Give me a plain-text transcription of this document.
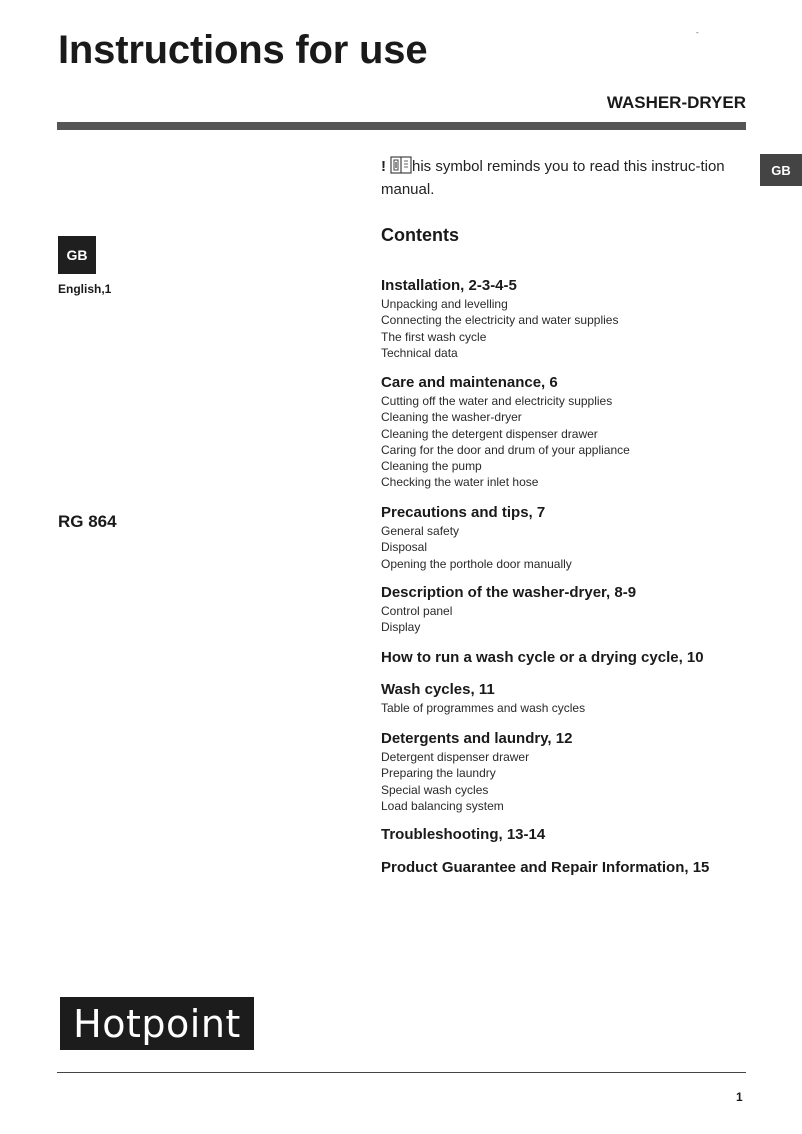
Instructions for use	-
WASHER-DRYER
GB
GB
English,1
RG 864
! his symbol reminds you to read this instruc-tion manual.
Contents
Installation, 2-3-4-5
Unpacking and levelling
Connecting the electricity and water supplies
The first wash cycle
Technical data
Care and maintenance, 6
Cutting off the water and electricity supplies
Cleaning the washer-dryer
Cleaning the detergent dispenser drawer
Caring for the door and drum of your appliance
Cleaning the pump
Checking the water inlet hose
Precautions and tips, 7
General safety
Disposal
Opening the porthole door manually
Description of the washer-dryer, 8-9
Control panel
Display
How to run a wash cycle or a drying cycle, 10
Wash cycles, 11
Table of programmes and wash cycles
Detergents and laundry, 12
Detergent dispenser drawer
Preparing the laundry
Special wash cycles
Load balancing system
Troubleshooting, 13-14
Product Guarantee and Repair Information, 15
Hotpoint
1
